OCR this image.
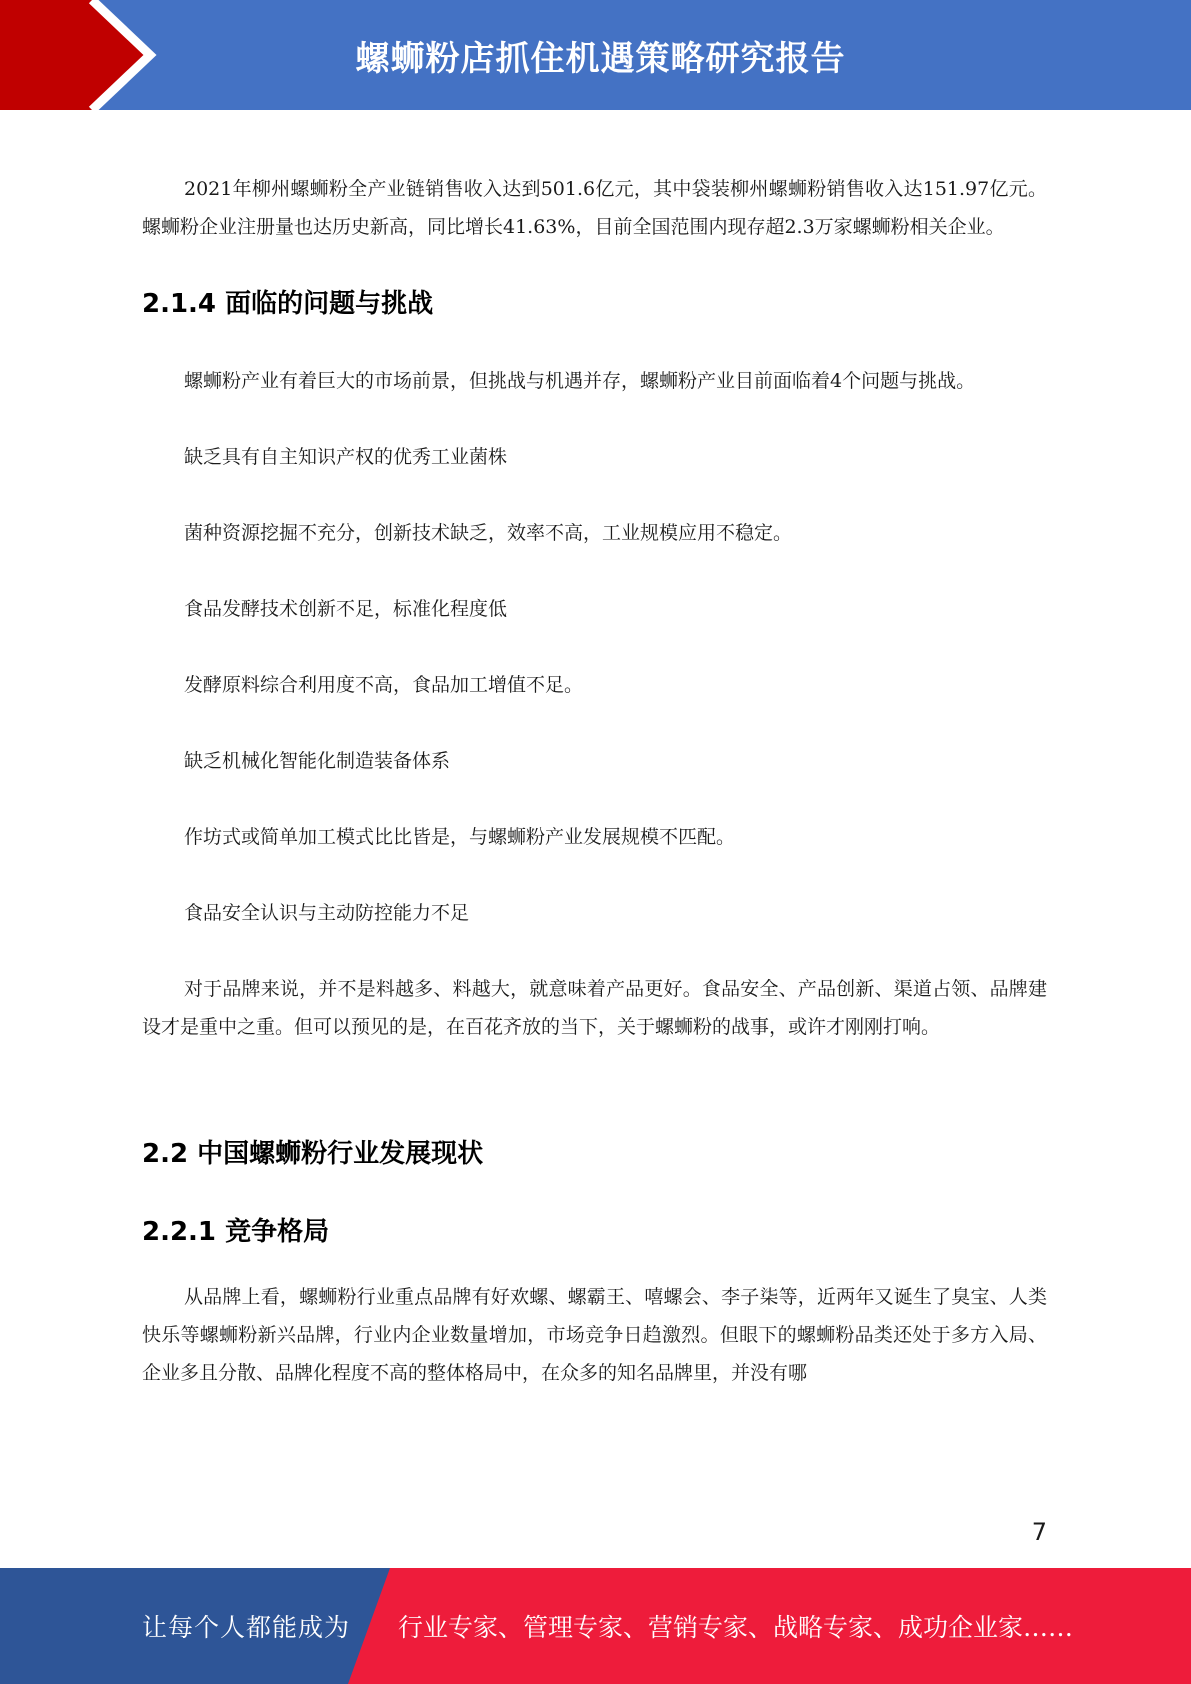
螺蛳粉店抓住机遇策略研究报告

2021年柳州螺蛳粉全产业链销售收入达到501.6亿元，其中袋装柳州螺蛳粉销售收入达151.97亿元。螺蛳粉企业注册量也达历史新高，同比增长41.63%，目前全国范围内现存超2.3万家螺蛳粉相关企业。

2.1.4 面临的问题与挑战

螺蛳粉产业有着巨大的市场前景，但挑战与机遇并存，螺蛳粉产业目前面临着4个问题与挑战。

缺乏具有自主知识产权的优秀工业菌株

菌种资源挖掘不充分，创新技术缺乏，效率不高，工业规模应用不稳定。

食品发酵技术创新不足，标准化程度低

发酵原料综合利用度不高，食品加工增值不足。

缺乏机械化智能化制造装备体系

作坊式或简单加工模式比比皆是，与螺蛳粉产业发展规模不匹配。

食品安全认识与主动防控能力不足

对于品牌来说，并不是料越多、料越大，就意味着产品更好。食品安全、产品创新、渠道占领、品牌建设才是重中之重。但可以预见的是，在百花齐放的当下，关于螺蛳粉的战事，或许才刚刚打响。

2.2 中国螺蛳粉行业发展现状
2.2.1 竞争格局

从品牌上看，螺蛳粉行业重点品牌有好欢螺、螺霸王、嘻螺会、李子柒等，近两年又诞生了臭宝、人类快乐等螺蛳粉新兴品牌，行业内企业数量增加，市场竞争日趋激烈。但眼下的螺蛳粉品类还处于多方入局、企业多且分散、品牌化程度不高的整体格局中，在众多的知名品牌里，并没有哪

7
让每个人都能成为 行业专家、管理专家、营销专家、战略专家、成功企业家……
